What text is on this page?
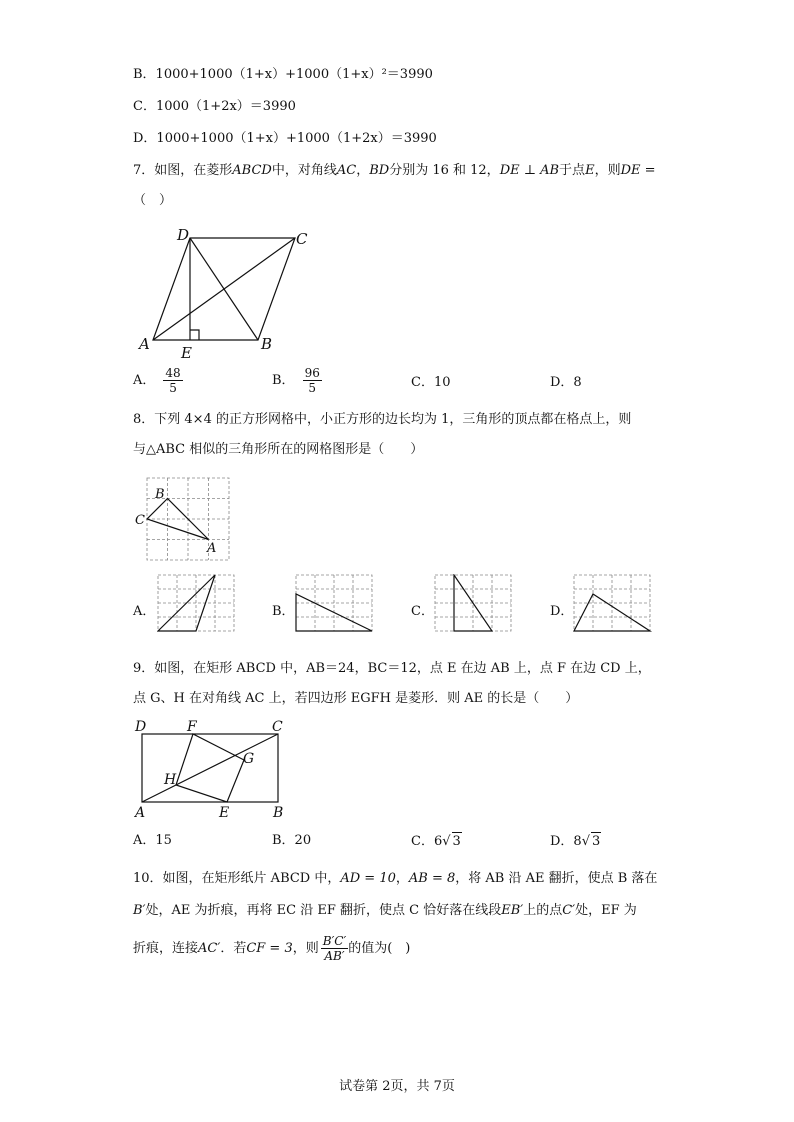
B．1000+1000（1+x）+1000（1+x）²＝3990
C．1000（1+2x）＝3990
D．1000+1000（1+x）+1000（1+2x）＝3990
7．如图，在菱形ABCD中，对角线AC，BD分别为 16 和 12，DE ⊥ AB于点E，则DE =
（　）
D	C
A	B
E
A． $\frac{48}{5}$	B． $\frac{96}{5}$	C．10	D．8
8．下列 4×4 的正方形网格中，小正方形的边长均为 1，三角形的顶点都在格点上，则
与△ABC 相似的三角形所在的网格图形是（　　）
B
C
A
A．	B．	C．	D．
9．如图，在矩形 ABCD 中，AB＝24，BC＝12，点 E 在边 AB 上，点 F 在边 CD 上，
点 G、H 在对角线 AC 上，若四边形 EGFH 是菱形．则 AE 的长是（　　）
D	F	C
G
H
A	E	B
A．15	B．20	C．6√ 3	D．8√ 3
10．如图，在矩形纸片 ABCD 中，AD = 10，AB = 8，将 AB 沿 AE 翻折，使点 B 落在
B′处，AE 为折痕，再将 EC 沿 EF 翻折，使点 C 恰好落在线段EB′上的点C′处，EF 为
折痕，连接AC′．若CF = 3，则 $\frac{B'C'}{AB'}$ 的值为(　)
试卷第 2页，共 7页
